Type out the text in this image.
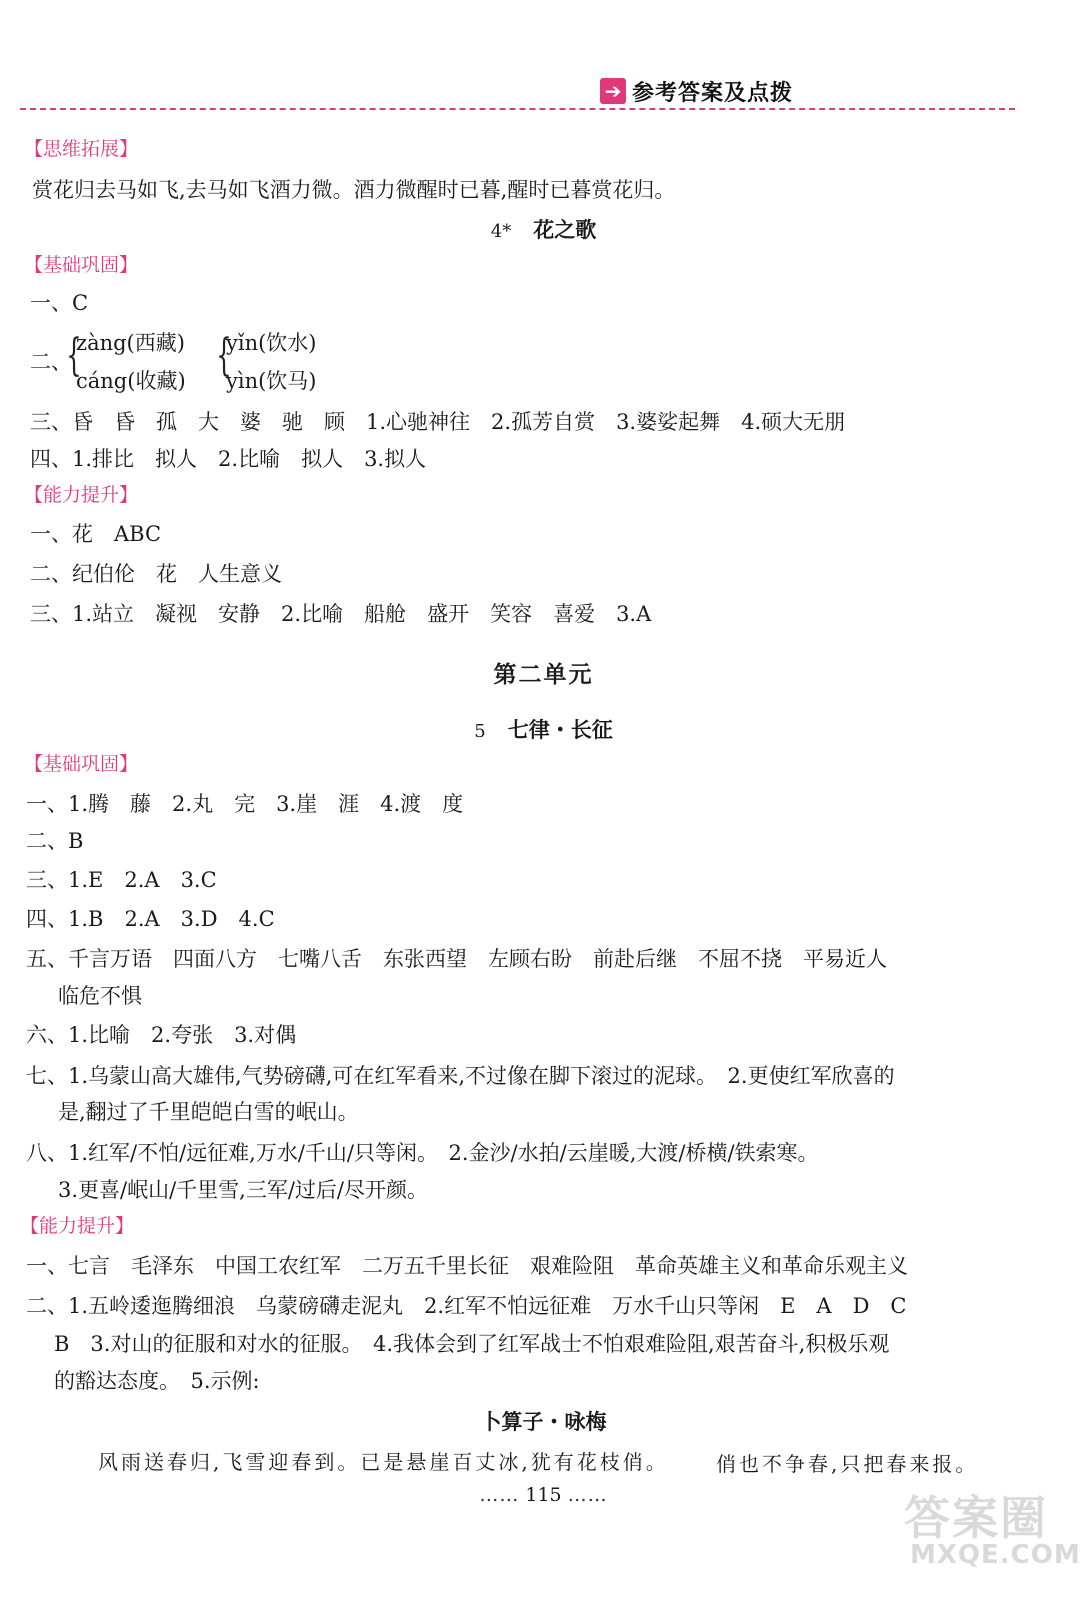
➔ 参考答案及点拨
【思维拓展】
赏花归去马如飞,去马如飞酒力微。酒力微醒时已暮,醒时已暮赏花归。
4* 花之歌
【基础巩固】
一、C
二、
{
zàng(西藏)
cáng(收藏) {
yǐn(饮水)
yìn(饮马)
三、昏　昏　孤　大　婆　驰　顾　1.心驰神往　2.孤芳自赏　3.婆娑起舞　4.硕大无朋
四、1.排比　拟人　2.比喻　拟人　3.拟人
【能力提升】
一、花　ABC
二、纪伯伦　花　人生意义
三、1.站立　凝视　安静　2.比喻　船舱　盛开　笑容　喜爱　3.A
第二单元
5 七律・长征
【基础巩固】
一、1.腾　藤　2.丸　完　3.崖　涯　4.渡　度
二、B
三、1.E　2.A　3.C
四、1.B　2.A　3.D　4.C
五、千言万语　四面八方　七嘴八舌　东张西望　左顾右盼　前赴后继　不屈不挠　平易近人
临危不惧
六、1.比喻　2.夸张　3.对偶
七、1.乌蒙山高大雄伟,气势磅礴,可在红军看来,不过像在脚下滚过的泥球。　2.更使红军欣喜的
是,翻过了千里皑皑白雪的岷山。
八、1.红军/不怕/远征难,万水/千山/只等闲。　2.金沙/水拍/云崖暖,大渡/桥横/铁索寒。
3.更喜/岷山/千里雪,三军/过后/尽开颜。
【能力提升】
一、七言　毛泽东　中国工农红军　二万五千里长征　艰难险阻　革命英雄主义和革命乐观主义
二、1.五岭逶迤腾细浪　乌蒙磅礴走泥丸　2.红军不怕远征难　万水千山只等闲　E　A　D　C
B　3.对山的征服和对水的征服。　4.我体会到了红军战士不怕艰难险阻,艰苦奋斗,积极乐观
的豁达态度。　5.示例:
卜算子・咏梅
风雨送春归,飞雪迎春到。已是悬崖百丈冰,犹有花枝俏。 俏也不争春,只把春来报。
…… 115 ……	答案圈
MXQE.COM
